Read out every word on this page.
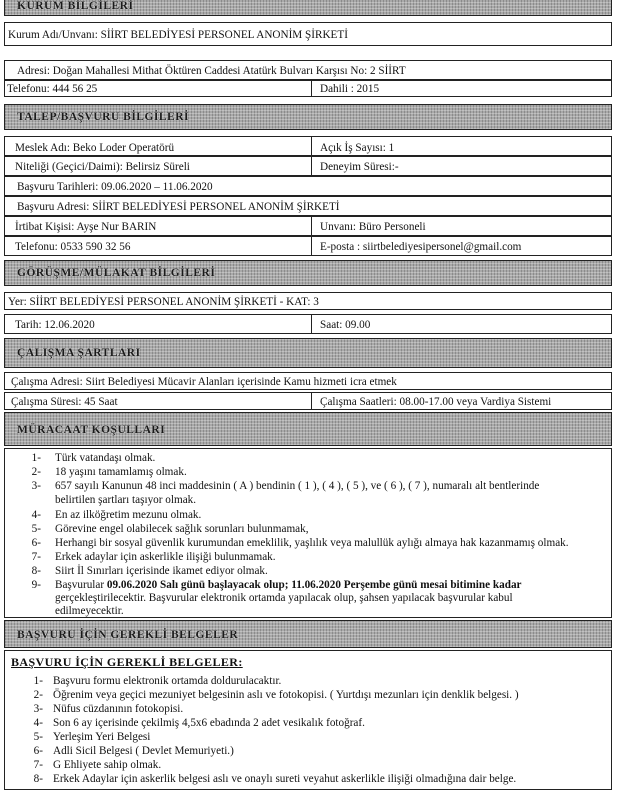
KURUM BİLGİLERİ
Kurum Adı/Unvanı: SİİRT BELEDİYESİ PERSONEL ANONİM ŞİRKETİ
Adresi: Doğan Mahallesi Mithat Öktüren Caddesi Atatürk Bulvarı Karşısı No: 2 SİİRT
Telefonu: 444 56 25	Dahili : 2015
TALEP/BAŞVURU BİLGİLERİ
Meslek Adı: Beko Loder Operatörü	Açık İş Sayısı: 1
Niteliği (Geçici/Daimi): Belirsiz Süreli	Deneyim Süresi:-
Başvuru Tarihleri: 09.06.2020 – 11.06.2020
Başvuru Adresi: SİİRT BELEDİYESİ PERSONEL ANONİM ŞİRKETİ
İrtibat Kişisi: Ayşe Nur BARIN	Unvanı: Büro Personeli
Telefonu: 0533 590 32 56	E-posta : siirtbelediyesipersonel@gmail.com
GÖRÜŞME/MÜLAKAT BİLGİLERİ
Yer: SİİRT BELEDİYESİ PERSONEL ANONİM ŞİRKETİ - KAT: 3
Tarih: 12.06.2020	Saat: 09.00
ÇALIŞMA ŞARTLARI
Çalışma Adresi: Siirt Belediyesi Mücavir Alanları içerisinde Kamu hizmeti icra etmek
Çalışma Süresi: 45 Saat	Çalışma Saatleri: 08.00-17.00 veya Vardiya Sistemi
MÜRACAAT KOŞULLARI
1- Türk vatandaşı olmak.
2- 18 yaşını tamamlamış olmak.
3- 657 sayılı Kanunun 48 inci maddesinin ( A ) bendinin ( 1 ), ( 4 ), ( 5 ), ve ( 6 ), ( 7 ), numaralı alt bentlerinde
belirtilen şartları taşıyor olmak.
4- En az ilköğretim mezunu olmak.
5- Görevine engel olabilecek sağlık sorunları bulunmamak,
6- Herhangi bir sosyal güvenlik kurumundan emeklilik, yaşlılık veya malullük aylığı almaya hak kazanmamış olmak.
7- Erkek adaylar için askerlikle ilişiği bulunmamak.
8- Siirt İl Sınırları içerisinde ikamet ediyor olmak.
9- Başvurular 09.06.2020 Salı günü başlayacak olup; 11.06.2020 Perşembe günü mesai bitimine kadar
gerçekleştirilecektir. Başvurular elektronik ortamda yapılacak olup, şahsen yapılacak başvurular kabul
edilmeyecektir.
BAŞVURU İÇİN GEREKLİ BELGELER
BAŞVURU İÇİN GEREKLİ BELGELER:
1- Başvuru formu elektronik ortamda doldurulacaktır.
2- Öğrenim veya geçici mezuniyet belgesinin aslı ve fotokopisi. ( Yurtdışı mezunları için denklik belgesi. )
3- Nüfus cüzdanının fotokopisi.
4- Son 6 ay içerisinde çekilmiş 4,5x6 ebadında 2 adet vesikalık fotoğraf.
5- Yerleşim Yeri Belgesi
6- Adli Sicil Belgesi ( Devlet Memuriyeti.)
7- G Ehliyete sahip olmak.
8- Erkek Adaylar için askerlik belgesi aslı ve onaylı sureti veyahut askerlikle ilişiği olmadığına dair belge.
